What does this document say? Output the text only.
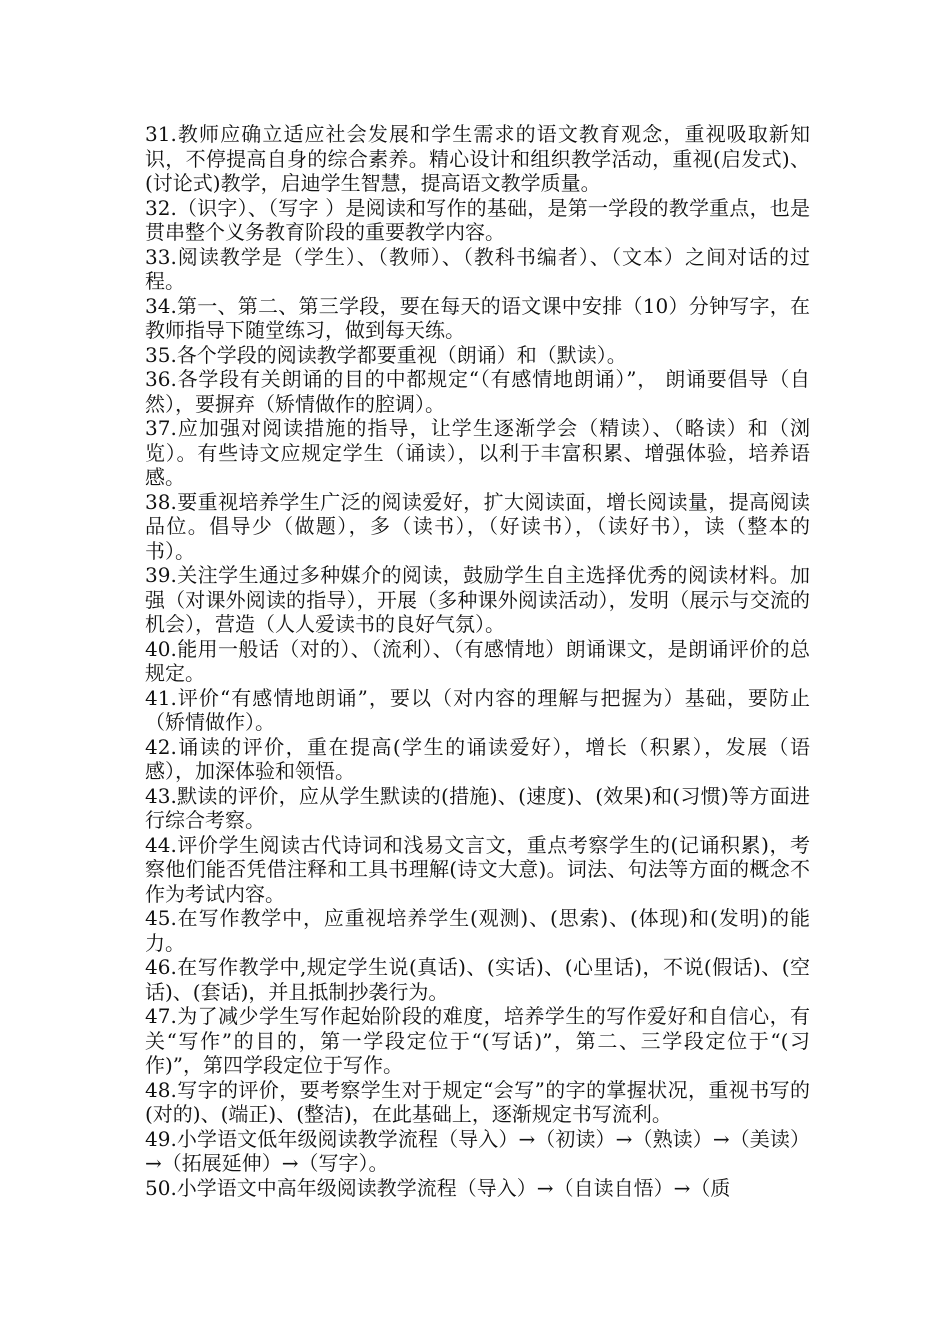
31.教师应确立适应社会发展和学生需求的语文教育观念，重视吸取新知识，不停提高自身的综合素养。精心设计和组织教学活动，重视(启发式)、(讨论式)教学，启迪学生智慧，提高语文教学质量。

32.（识字）、（写字 ）是阅读和写作的基础，是第一学段的教学重点，也是贯串整个义务教育阶段的重要教学内容。

33.阅读教学是（学生）、（教师）、（教科书编者）、（文本）之间对话的过程。

34.第一、第二、第三学段，要在每天的语文课中安排（10）分钟写字，在教师指导下随堂练习，做到每天练。

35.各个学段的阅读教学都要重视（朗诵）和（默读）。

36.各学段有关朗诵的目的中都规定“（有感情地朗诵）”， 朗诵要倡导（自然），要摒弃（矫情做作的腔调）。

37.应加强对阅读措施的指导，让学生逐渐学会（精读）、（略读）和（浏览）。有些诗文应规定学生（诵读），以利于丰富积累、增强体验，培养语感。

38.要重视培养学生广泛的阅读爱好，扩大阅读面，增长阅读量，提高阅读品位。倡导少（做题），多（读书），（好读书），（读好书），读（整本的书）。

39.关注学生通过多种媒介的阅读，鼓励学生自主选择优秀的阅读材料。加强（对课外阅读的指导），开展（多种课外阅读活动），发明（展示与交流的机会），营造（人人爱读书的良好气氛）。

40.能用一般话（对的）、（流利）、（有感情地）朗诵课文，是朗诵评价的总规定。

41.评价“有感情地朗诵”，要以（对内容的理解与把握为）基础，要防止（矫情做作）。

42.诵读的评价，重在提高(学生的诵读爱好），增长（积累），发展（语感），加深体验和领悟。

43.默读的评价，应从学生默读的(措施)、(速度)、(效果)和(习惯)等方面进行综合考察。

44.评价学生阅读古代诗词和浅易文言文，重点考察学生的(记诵积累)，考察他们能否凭借注释和工具书理解(诗文大意)。词法、句法等方面的概念不作为考试内容。

45.在写作教学中，应重视培养学生(观测)、(思索)、(体现)和(发明)的能力。

46.在写作教学中,规定学生说(真话)、(实话)、(心里话)，不说(假话)、(空话)、(套话)，并且抵制抄袭行为。

47.为了减少学生写作起始阶段的难度，培养学生的写作爱好和自信心，有关“写作”的目的，第一学段定位于“(写话)”，第二、三学段定位于“(习作)”，第四学段定位于写作。

48.写字的评价，要考察学生对于规定“会写”的字的掌握状况，重视书写的(对的)、(端正)、(整洁)，在此基础上，逐渐规定书写流利。

49.小学语文低年级阅读教学流程（导入）→（初读）→（熟读）→（美读）→（拓展延伸）→（写字）。

50.小学语文中高年级阅读教学流程（导入）→（自读自悟）→（质
